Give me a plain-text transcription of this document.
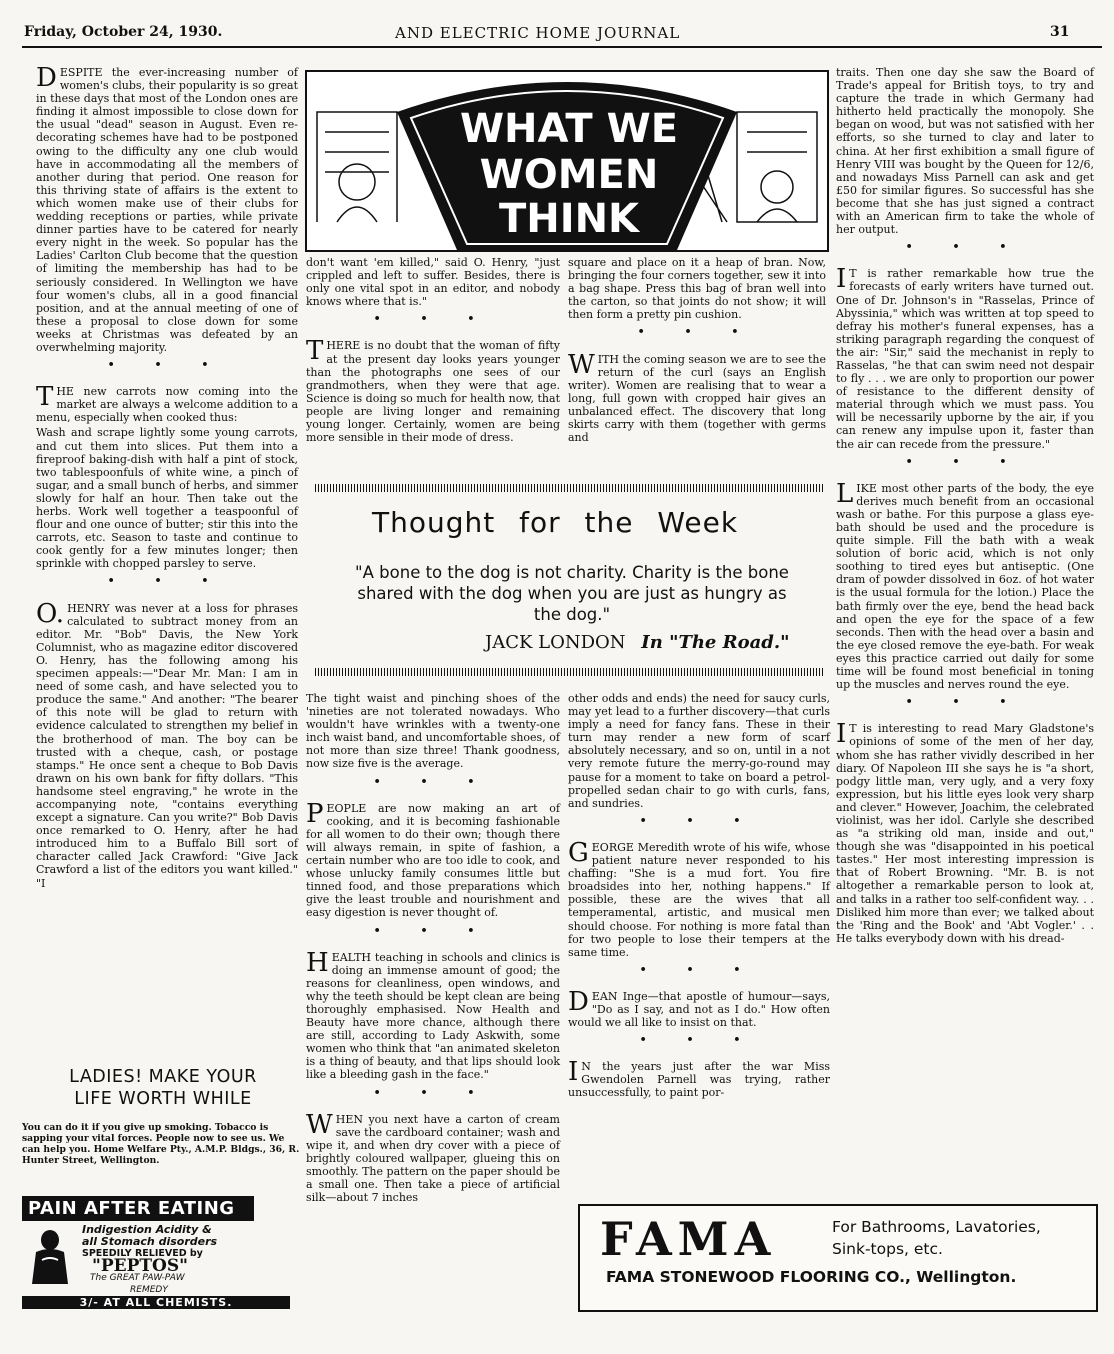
Friday, October 24, 1930.	AND ELECTRIC HOME JOURNAL	31

DESPITE the ever-increasing number of women's clubs, their popularity is so great in these days that most of the London ones are finding it almost impossible to close down for the usual "dead" season in August. Even re-decorating schemes have had to be postponed owing to the difficulty any one club would have in accommodating all the members of another during that period. One reason for this thriving state of affairs is the extent to which women make use of their clubs for wedding receptions or parties, while private dinner parties have to be catered for nearly every night in the week. So popular has the Ladies' Carlton Club become that the question of limiting the membership has had to be seriously considered. In Wellington we have four women's clubs, all in a good financial position, and at the annual meeting of one of these a proposal to close down for some weeks at Christmas was defeated by an overwhelming majority.

• • •

THE new carrots now coming into the market are always a welcome addition to a menu, especially when cooked thus:

Wash and scrape lightly some young carrots, and cut them into slices. Put them into a fireproof baking-dish with half a pint of stock, two tablespoonfuls of white wine, a pinch of sugar, and a small bunch of herbs, and simmer slowly for half an hour. Then take out the herbs. Work well together a teaspoonful of flour and one ounce of butter; stir this into the carrots, etc. Season to taste and continue to cook gently for a few minutes longer; then sprinkle with chopped parsley to serve.

• • •

O. HENRY was never at a loss for phrases calculated to subtract money from an editor. Mr. "Bob" Davis, the New York Columnist, who as magazine editor discovered O. Henry, has the following among his specimen appeals:—"Dear Mr. Man: I am in need of some cash, and have selected you to produce the same." And another: "The bearer of this note will be glad to return with evidence calculated to strengthen my belief in the brotherhood of man. The boy can be trusted with a cheque, cash, or postage stamps." He once sent a cheque to Bob Davis drawn on his own bank for fifty dollars. "This handsome steel engraving," he wrote in the accompanying note, "contains everything except a signature. Can you write?" Bob Davis once remarked to O. Henry, after he had introduced him to a Buffalo Bill sort of character called Jack Crawford: "Give Jack Crawford a list of the editors you want killed." "I

LADIES! MAKE YOUR
LIFE WORTH WHILE
You can do it if you give up smoking. Tobacco is sapping your vital forces. People now to see us. We can help you. Home Welfare Pty., A.M.P. Bldgs., 36, R. Hunter Street, Wellington.
PAIN AFTER EATING
Indigestion Acidity &
all Stomach disorders
SPEEDILY RELIEVED by
"PEPTOS"
The GREAT PAW-PAW
REMEDY
3/- AT ALL CHEMISTS.
WHAT WE
WOMEN
THINK

don't want 'em killed," said O. Henry, "just crippled and left to suffer. Besides, there is only one vital spot in an editor, and nobody knows where that is."

• • •

THERE is no doubt that the woman of fifty at the present day looks years younger than the photographs one sees of our grandmothers, when they were that age. Science is doing so much for health now, that people are living longer and remaining young longer. Certainly, women are being more sensible in their mode of dress.

square and place on it a heap of bran. Now, bringing the four corners together, sew it into a bag shape. Press this bag of bran well into the carton, so that joints do not show; it will then form a pretty pin cushion.

• • •

WITH the coming season we are to see the return of the curl (says an English writer). Women are realising that to wear a long, full gown with cropped hair gives an unbalanced effect. The discovery that long skirts carry with them (together with germs and

Thought for the Week
"A bone to the dog is not charity. Charity is the bone shared with the dog when you are just as hungry as the dog."
JACK LONDON In "The Road."

The tight waist and pinching shoes of the 'nineties are not tolerated nowadays. Who wouldn't have wrinkles with a twenty-one inch waist band, and uncomfortable shoes, of not more than size three! Thank goodness, now size five is the average.

• • •

PEOPLE are now making an art of cooking, and it is becoming fashionable for all women to do their own; though there will always remain, in spite of fashion, a certain number who are too idle to cook, and whose unlucky family consumes little but tinned food, and those preparations which give the least trouble and nourishment and easy digestion is never thought of.

• • •

HEALTH teaching in schools and clinics is doing an immense amount of good; the reasons for cleanliness, open windows, and why the teeth should be kept clean are being thoroughly emphasised. Now Health and Beauty have more chance, although there are still, according to Lady Askwith, some women who think that "an animated skeleton is a thing of beauty, and that lips should look like a bleeding gash in the face."

• • •

WHEN you next have a carton of cream save the cardboard container; wash and wipe it, and when dry cover with a piece of brightly coloured wallpaper, glueing this on smoothly. The pattern on the paper should be a small one. Then take a piece of artificial silk—about 7 inches

other odds and ends) the need for saucy curls, may yet lead to a further discovery—that curls imply a need for fancy fans. These in their turn may render a new form of scarf absolutely necessary, and so on, until in a not very remote future the merry-go-round may pause for a moment to take on board a petrol-propelled sedan chair to go with curls, fans, and sundries.

• • •

GEORGE Meredith wrote of his wife, whose patient nature never responded to his chaffing: "She is a mud fort. You fire broadsides into her, nothing happens." If possible, these are the wives that all temperamental, artistic, and musical men should choose. For nothing is more fatal than for two people to lose their tempers at the same time.

• • •

DEAN Inge—that apostle of humour—says, "Do as I say, and not as I do." How often would we all like to insist on that.

• • •

I N the years just after the war Miss Gwendolen Parnell was trying, rather unsuccessfully, to paint por-

traits. Then one day she saw the Board of Trade's appeal for British toys, to try and capture the trade in which Germany had hitherto held practically the monopoly. She began on wood, but was not satisfied with her efforts, so she turned to clay and later to china. At her first exhibition a small figure of Henry VIII was bought by the Queen for 12/6, and nowadays Miss Parnell can ask and get £50 for similar figures. So successful has she become that she has just signed a contract with an American firm to take the whole of her output.

• • •

I T is rather remarkable how true the forecasts of early writers have turned out. One of Dr. Johnson's in "Rasselas, Prince of Abyssinia," which was written at top speed to defray his mother's funeral expenses, has a striking paragraph regarding the conquest of the air: "Sir," said the mechanist in reply to Rasselas, "he that can swim need not despair to fly . . . we are only to proportion our power of resistance to the different density of material through which we must pass. You will be necessarily upborne by the air, if you can renew any impulse upon it, faster than the air can recede from the pressure."

• • •

LIKE most other parts of the body, the eye derives much benefit from an occasional wash or bathe. For this purpose a glass eye-bath should be used and the procedure is quite simple. Fill the bath with a weak solution of boric acid, which is not only soothing to tired eyes but antiseptic. (One dram of powder dissolved in 6oz. of hot water is the usual formula for the lotion.) Place the bath firmly over the eye, bend the head back and open the eye for the space of a few seconds. Then with the head over a basin and the eye closed remove the eye-bath. For weak eyes this practice carried out daily for some time will be found most beneficial in toning up the muscles and nerves round the eye.

• • •

I T is interesting to read Mary Gladstone's opinions of some of the men of her day, whom she has rather vividly described in her diary. Of Napoleon III she says he is "a short, podgy little man, very ugly, and a very foxy expression, but his little eyes look very sharp and clever." However, Joachim, the celebrated violinist, was her idol. Carlyle she described as "a striking old man, inside and out," though she was "disappointed in his poetical tastes." Her most interesting impression is that of Robert Browning. "Mr. B. is not altogether a remarkable person to look at, and talks in a rather too self-confident way. . . Disliked him more than ever; we talked about the 'Ring and the Book' and 'Abt Vogler.' . . He talks everybody down with his dread-

FAMA	For Bathrooms, Lavatories,
Sink-tops, etc.
FAMA STONEWOOD FLOORING CO., Wellington.
